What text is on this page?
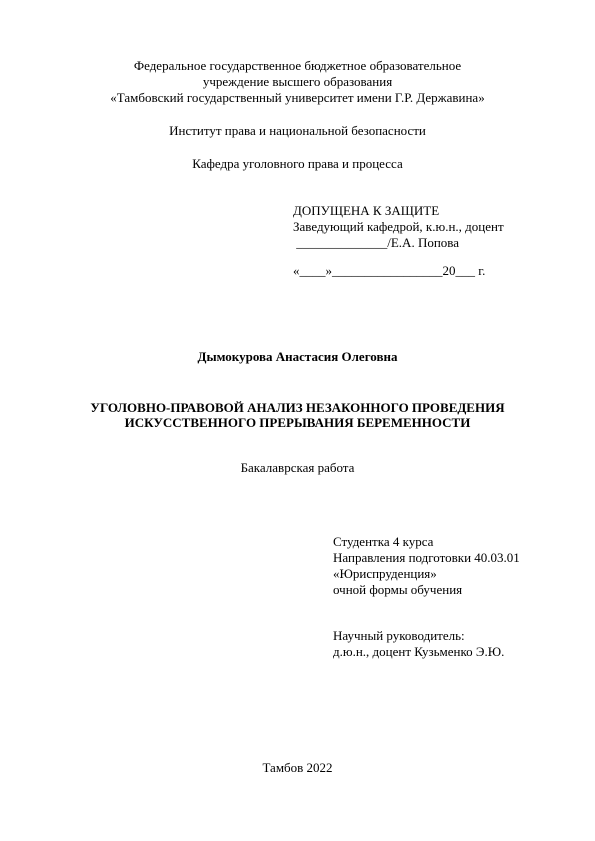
Федеральное государственное бюджетное образовательное
учреждение высшего образования
«Тамбовский государственный университет имени Г.Р. Державина»
Институт права и национальной безопасности
Кафедра уголовного права и процесса
ДОПУЩЕНА К ЗАЩИТЕ
Заведующий кафедрой, к.ю.н., доцент
______________/Е.А. Попова
«____»_________________20___ г.
Дымокурова Анастасия Олеговна
УГОЛОВНО-ПРАВОВОЙ АНАЛИЗ НЕЗАКОННОГО ПРОВЕДЕНИЯ
ИСКУССТВЕННОГО ПРЕРЫВАНИЯ БЕРЕМЕННОСТИ
Бакалаврская работа
Студентка 4 курса
Направления подготовки 40.03.01
«Юриспруденция»
очной формы обучения
Научный руководитель:
д.ю.н., доцент Кузьменко Э.Ю.
Тамбов 2022
